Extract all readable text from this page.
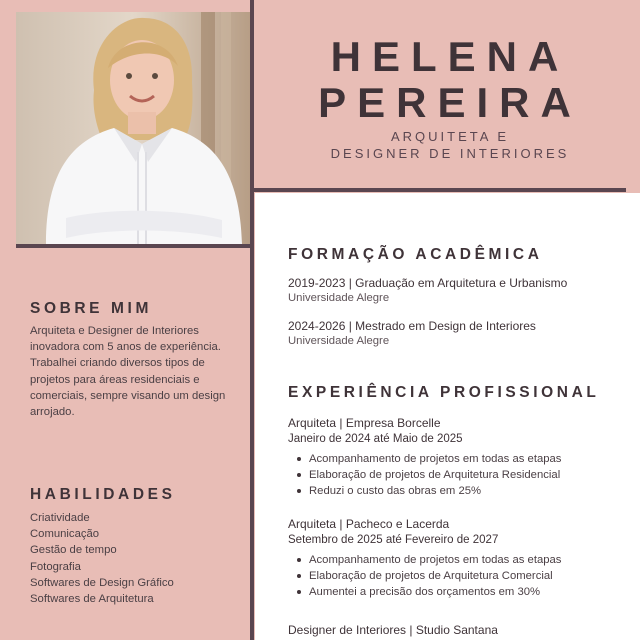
HELENA
PEREIRA
ARQUITETA E
DESIGNER DE INTERIORES
SOBRE MIM

Arquiteta e Designer de Interiores inovadora com 5 anos de experiência. Trabalhei criando diversos tipos de projetos para áreas residenciais e comerciais, sempre visando um design arrojado.

HABILIDADES
Criatividade
Comunicação
Gestão de tempo
Fotografia
Softwares de Design Gráfico
Softwares de Arquitetura
FORMAÇÃO ACADÊMICA
2019-2023 | Graduação em Arquitetura e Urbanismo
Universidade Alegre
2024-2026 | Mestrado em Design de Interiores
Universidade Alegre
EXPERIÊNCIA PROFISSIONAL
Arquiteta | Empresa Borcelle
Janeiro de 2024 até Maio de 2025
Acompanhamento de projetos em todas as etapas
Elaboração de projetos de Arquitetura Residencial
Reduzi o custo das obras em 25%
Arquiteta | Pacheco e Lacerda
Setembro de 2025 até Fevereiro de 2027
Acompanhamento de projetos em todas as etapas
Elaboração de projetos de Arquitetura Comercial
Aumentei a precisão dos orçamentos em 30%
Designer de Interiores | Studio Santana
